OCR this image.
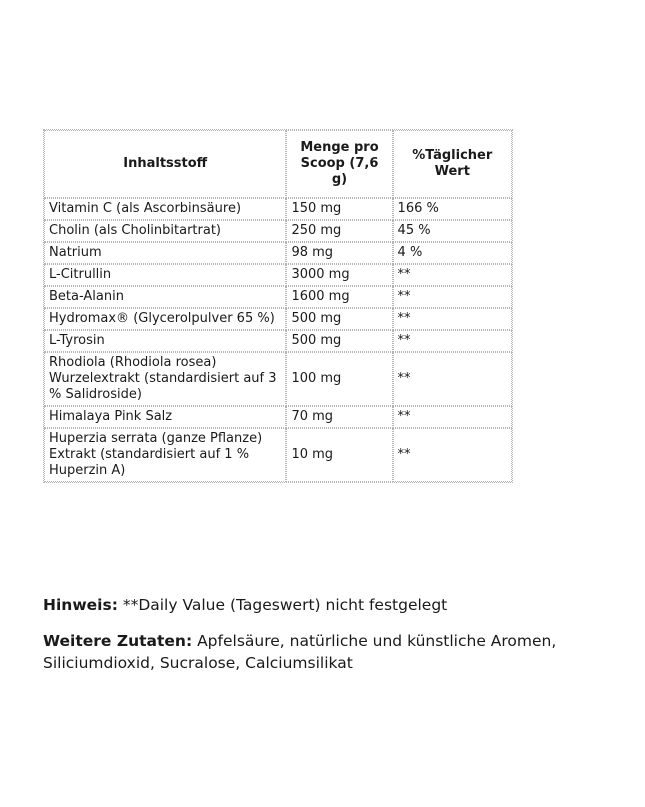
Inhaltsstoff	Menge pro Scoop (7,6 g)	%Täglicher Wert
Vitamin C (als Ascorbinsäure)	150 mg	166 %
Cholin (als Cholinbitartrat)	250 mg	45 %
Natrium	98 mg	4 %
L-Citrullin	3000 mg	**
Beta-Alanin	1600 mg	**
Hydromax® (Glycerolpulver 65 %)	500 mg	**
L-Tyrosin	500 mg	**
Rhodiola (Rhodiola rosea) Wurzelextrakt (standardisiert auf 3 % Salidroside)	100 mg	**
Himalaya Pink Salz	70 mg	**
Huperzia serrata (ganze Pflanze) Extrakt (standardisiert auf 1 % Huperzin A)	10 mg	**
Hinweis: **Daily Value (Tageswert) nicht festgelegt
Weitere Zutaten: Apfelsäure, natürliche und künstliche Aromen, Siliciumdioxid, Sucralose, Calciumsilikat
